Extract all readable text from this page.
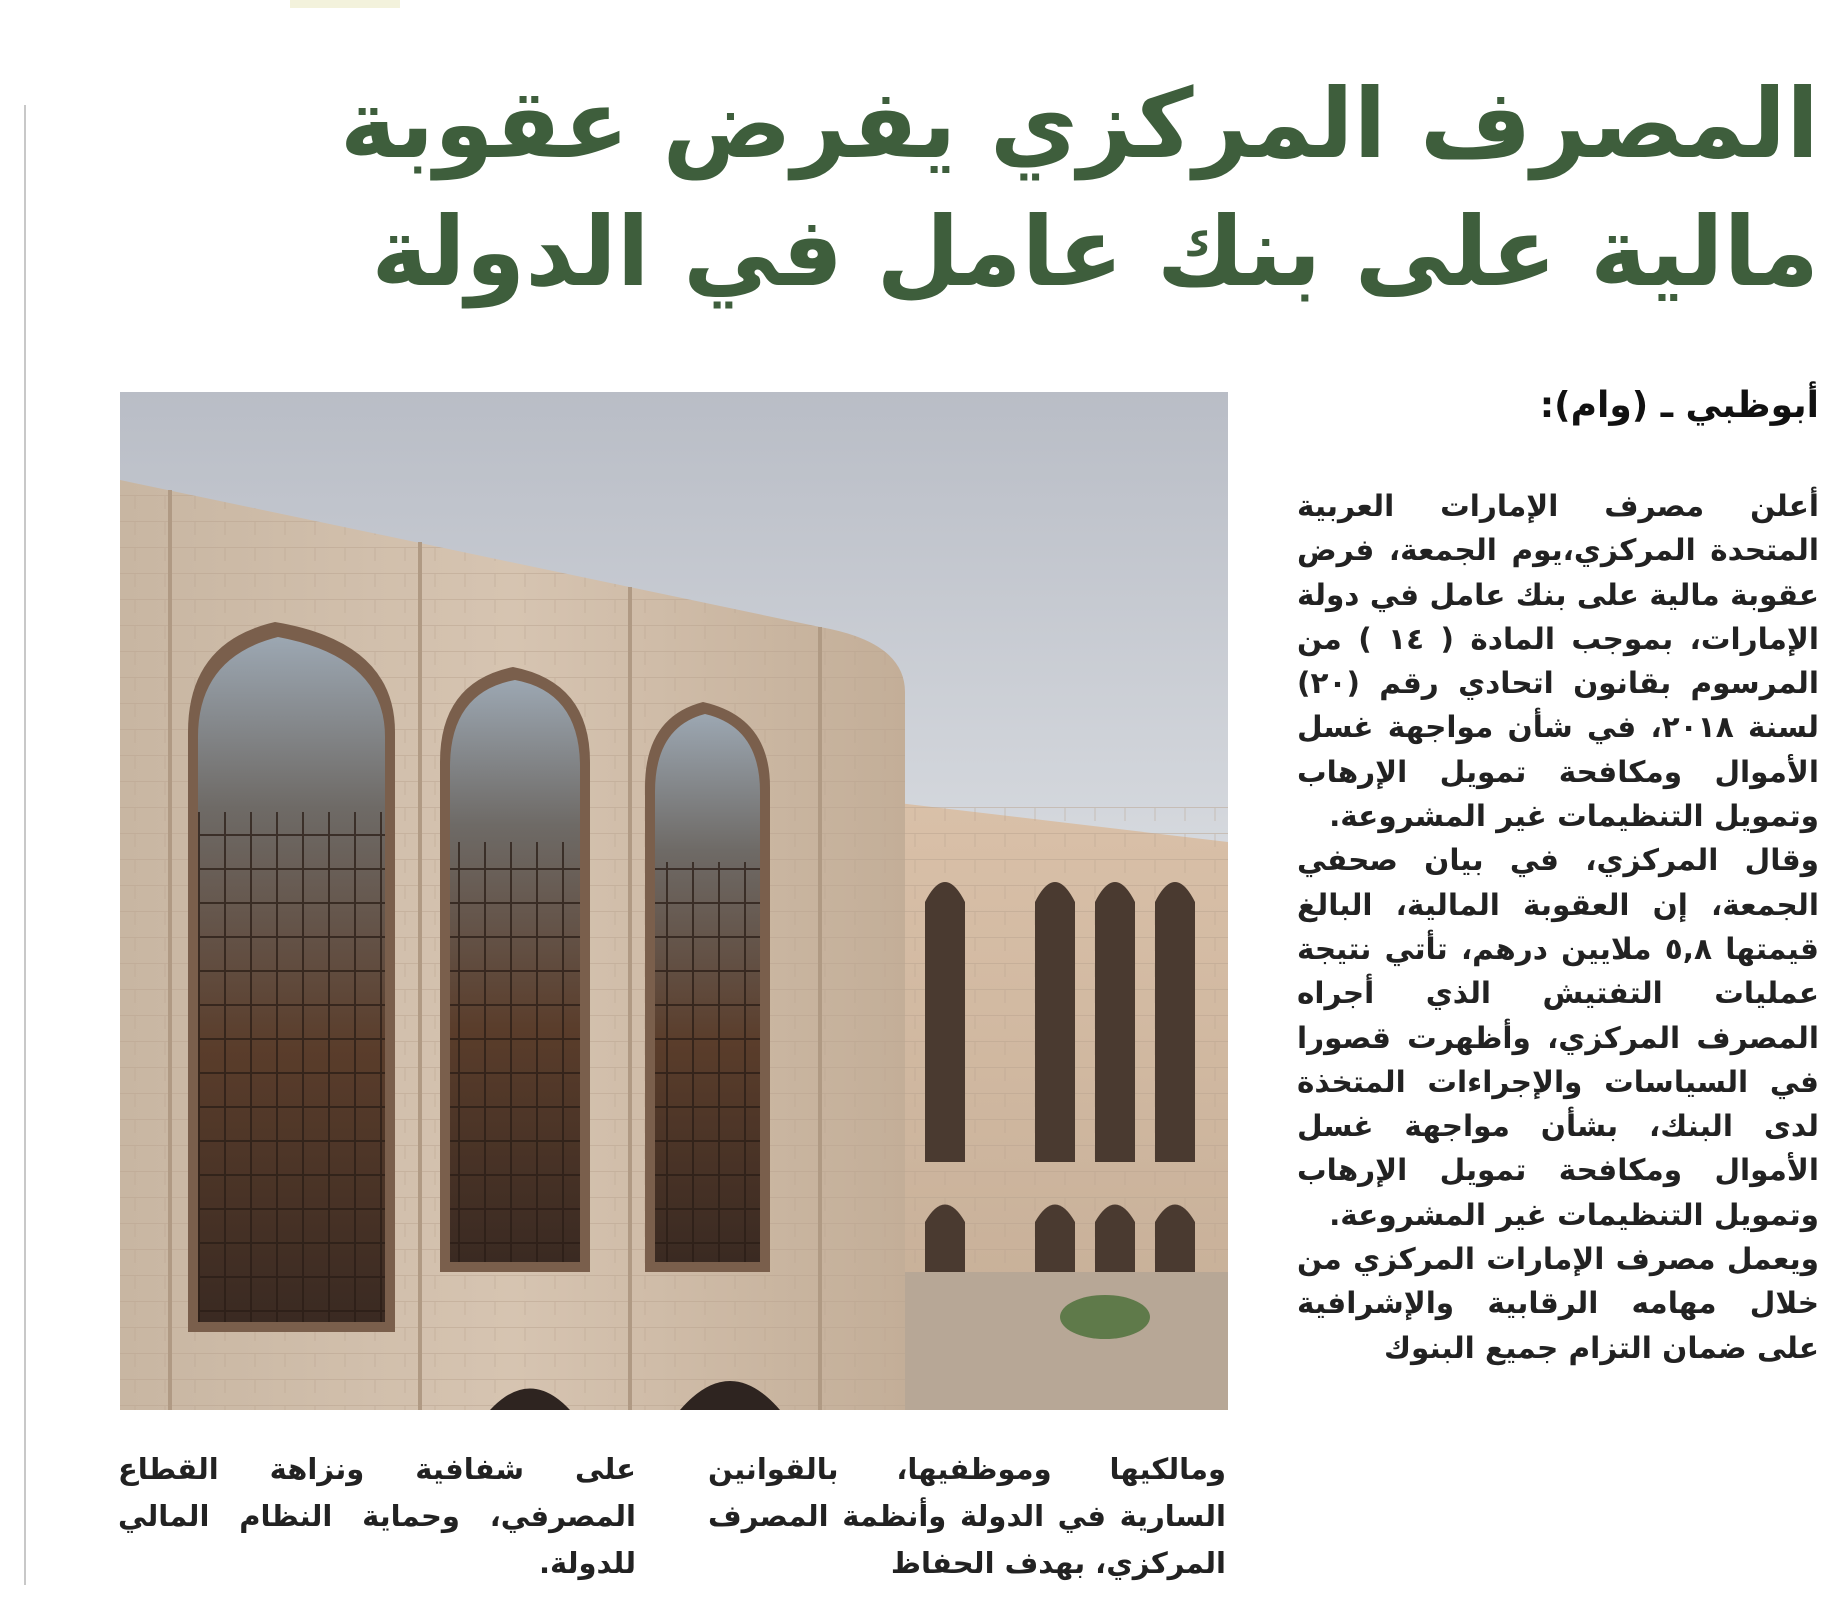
المصرف المركزي يفرض عقوبة
مالية على بنك عامل في الدولة
أبوظبي ـ (وام):

أعلن مصرف الإمارات العربية المتحدة المركزي،يوم الجمعة، فرض عقوبة مالية على بنك عامل في دولة الإمارات، بموجب المادة ( ١٤ ) من المرسوم بقانون اتحادي رقم (٢٠) لسنة ٢٠١٨، في شأن مواجهة غسل الأموال ومكافحة تمويل الإرهاب وتمويل التنظيمات غير المشروعة.

وقال المركزي، في بيان صحفي الجمعة، إن العقوبة المالية، البالغ قيمتها ٥,٨ ملايين درهم، تأتي نتيجة عمليات التفتيش الذي أجراه المصرف المركزي، وأظهرت قصورا في السياسات والإجراءات المتخذة لدى البنك، بشأن مواجهة غسل الأموال ومكافحة تمويل الإرهاب وتمويل التنظيمات غير المشروعة.

ويعمل مصرف الإمارات المركزي من خلال مهامه الرقابية والإشرافية على ضمان التزام جميع البنوك

ومالكيها وموظفيها، بالقوانين السارية في الدولة وأنظمة المصرف المركزي، بهدف الحفاظ
على شفافية ونزاهة القطاع المصرفي، وحماية النظام المالي للدولة.
